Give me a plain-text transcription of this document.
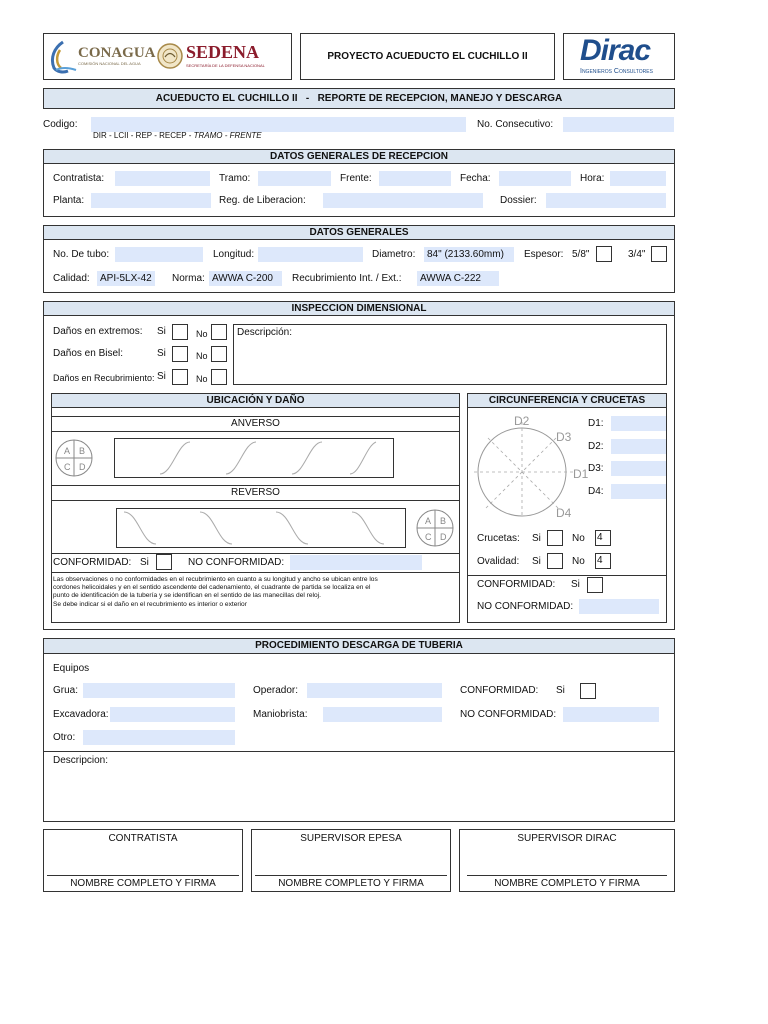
CONAGUA
COMISIÓN NACIONAL DEL AGUA
SEDENA
SECRETARÍA DE LA DEFENSA NACIONAL
PROYECTO ACUEDUCTO EL CUCHILLO II	Dirac
Ingenieros Consultores
ACUEDUCTO EL CUCHILLO II   -   REPORTE DE RECEPCION, MANEJO Y DESCARGA
Codigo:
DIR - LCII - REP - RECEP - TRAMO - FRENTE
No. Consecutivo:
DATOS GENERALES DE RECEPCION
Contratista:	Tramo:	Frente:	Fecha:	Hora:
Planta:	Reg. de Liberacion:	Dossier:
DATOS GENERALES
No. De tubo:	Longitud:	Diametro:	84" (2133.60mm)	Espesor: 5/8"	3/4"
Calidad:	API-5LX-42	Norma: AWWA C-200	Recubrimiento Int. / Ext.:	AWWA C-222
INSPECCION DIMENSIONAL
Daños en extremos: Si	No
Daños en Bisel:	Si	No
Daños en Recubrimiento: Si	No
Descripción:
UBICACIÓN Y DAÑO
ANVERSO
A B
C D
REVERSO
A B
C D
CONFORMIDAD: Si	NO CONFORMIDAD:
Las observaciones o no conformidades en el recubrimiento en cuanto a su longitud y ancho se ubican entre los
cordones helicoidales y en el sentido ascendente del cadenamiento, el cuadrante de partida se localiza en el
punto de identificación de la tubería y se identifican en el sentido de las manecillas del reloj.
Se debe indicar si el daño en el recubrimiento es interior o exterior
CIRCUNFERENCIA Y CRUCETAS
D2
D3
D1
D4
D1:
D2:
D3:
D4:
Crucetas: Si	No 4
Ovalidad: Si	No 4
CONFORMIDAD: Si
NO CONFORMIDAD:
PROCEDIMIENTO DESCARGA DE TUBERIA
Equipos
Grua:	Operador:	CONFORMIDAD: Si
Excavadora:	Maniobrista:	NO CONFORMIDAD:
Otro:
Descripcion:
CONTRATISTA
NOMBRE COMPLETO Y FIRMA
SUPERVISOR EPESA
NOMBRE COMPLETO Y FIRMA
SUPERVISOR DIRAC
NOMBRE COMPLETO Y FIRMA
